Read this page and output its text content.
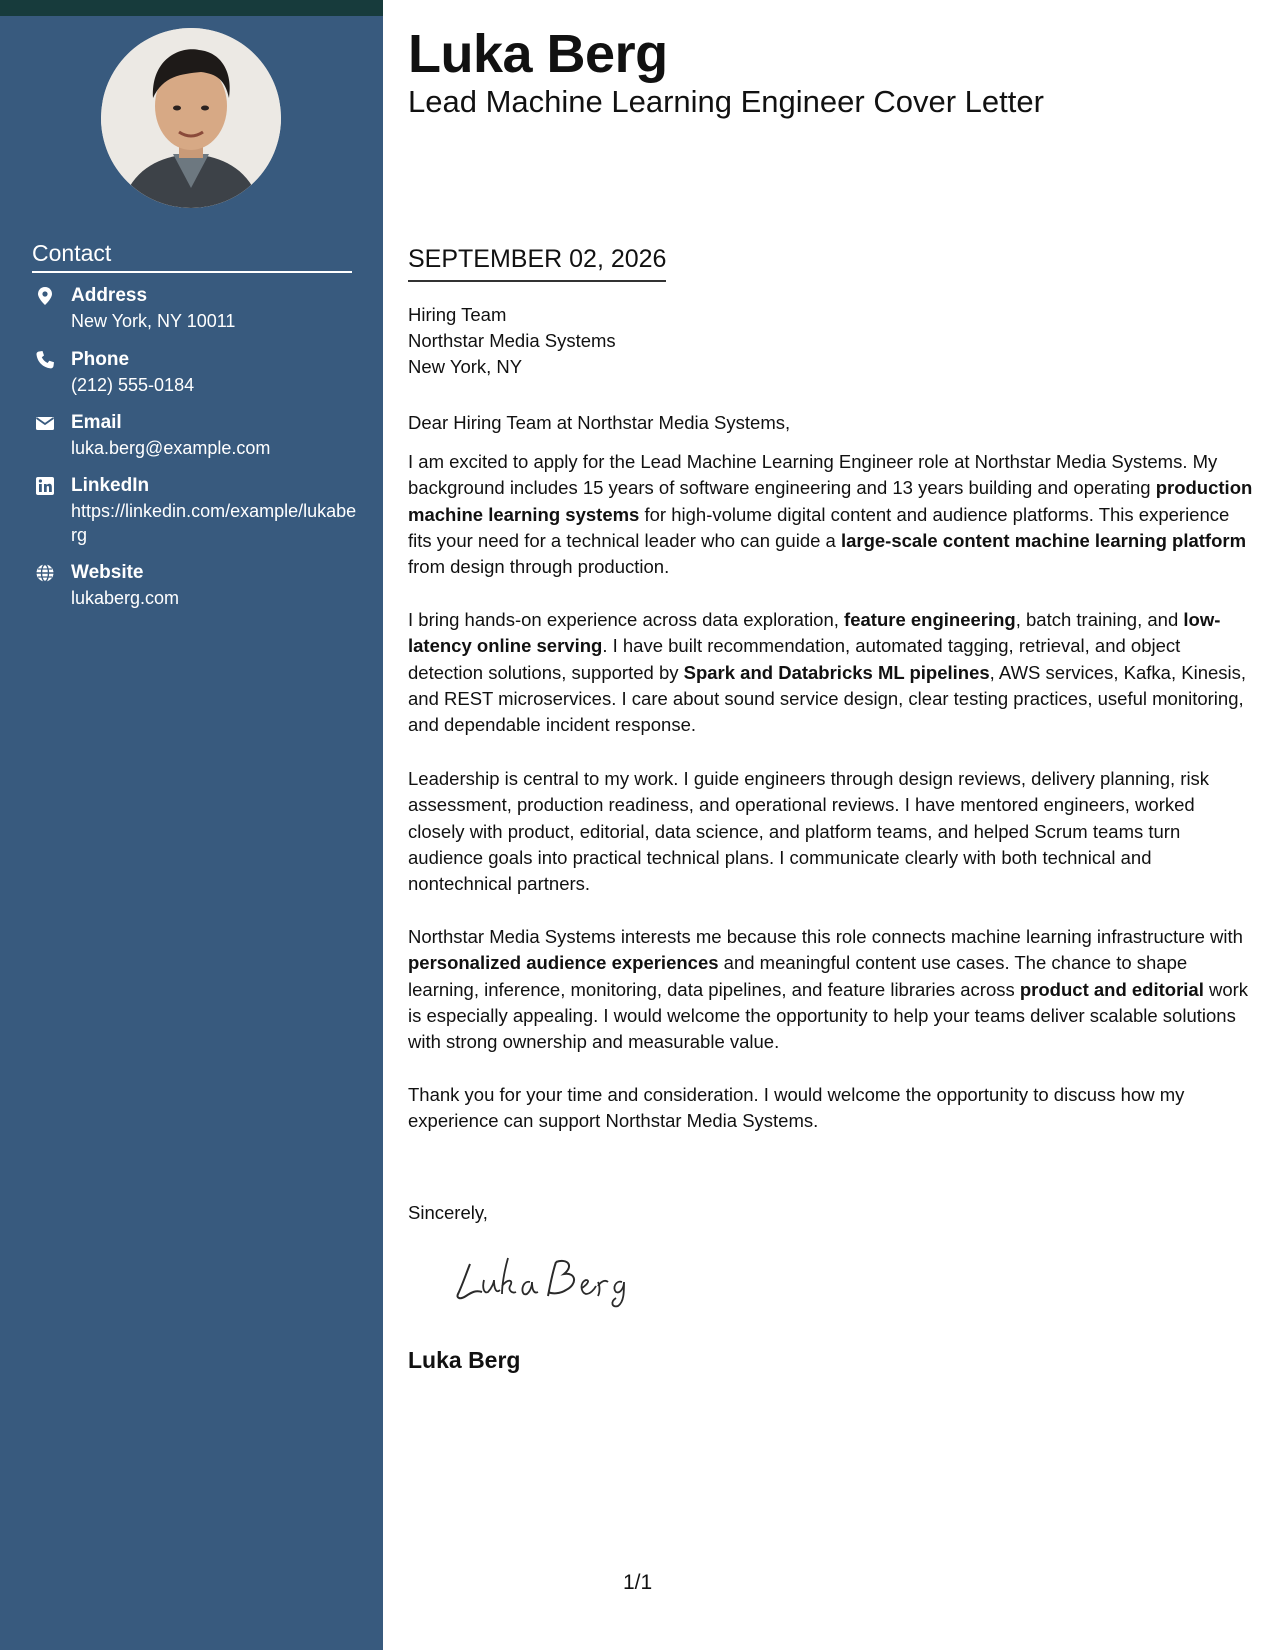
Contact
Address
New York, NY 10011
Phone
(212) 555-0184
Email
luka.berg@example.com
LinkedIn
https://linkedin.com/example/lukaberg
Website
lukaberg.com
Luka Berg
Lead Machine Learning Engineer Cover Letter
SEPTEMBER 02, 2026
Hiring Team
Northstar Media Systems
New York, NY
Dear Hiring Team at Northstar Media Systems,

I am excited to apply for the Lead Machine Learning Engineer role at Northstar Media Systems. My background includes 15 years of software engineering and 13 years building and operating production machine learning systems for high-volume digital content and audience platforms. This experience fits your need for a technical leader who can guide a large-scale content machine learning platform from design through production.

I bring hands-on experience across data exploration, feature engineering, batch training, and low-latency online serving. I have built recommendation, automated tagging, retrieval, and object detection solutions, supported by Spark and Databricks ML pipelines, AWS services, Kafka, Kinesis, and REST microservices. I care about sound service design, clear testing practices, useful monitoring, and dependable incident response.

Leadership is central to my work. I guide engineers through design reviews, delivery planning, risk assessment, production readiness, and operational reviews. I have mentored engineers, worked closely with product, editorial, data science, and platform teams, and helped Scrum teams turn audience goals into practical technical plans. I communicate clearly with both technical and nontechnical partners.

Northstar Media Systems interests me because this role connects machine learning infrastructure with personalized audience experiences and meaningful content use cases. The chance to shape learning, inference, monitoring, data pipelines, and feature libraries across product and editorial work is especially appealing. I would welcome the opportunity to help your teams deliver scalable solutions with strong ownership and measurable value.

Thank you for your time and consideration. I would welcome the opportunity to discuss how my experience can support Northstar Media Systems.

Sincerely,
Luka Berg
1/1
